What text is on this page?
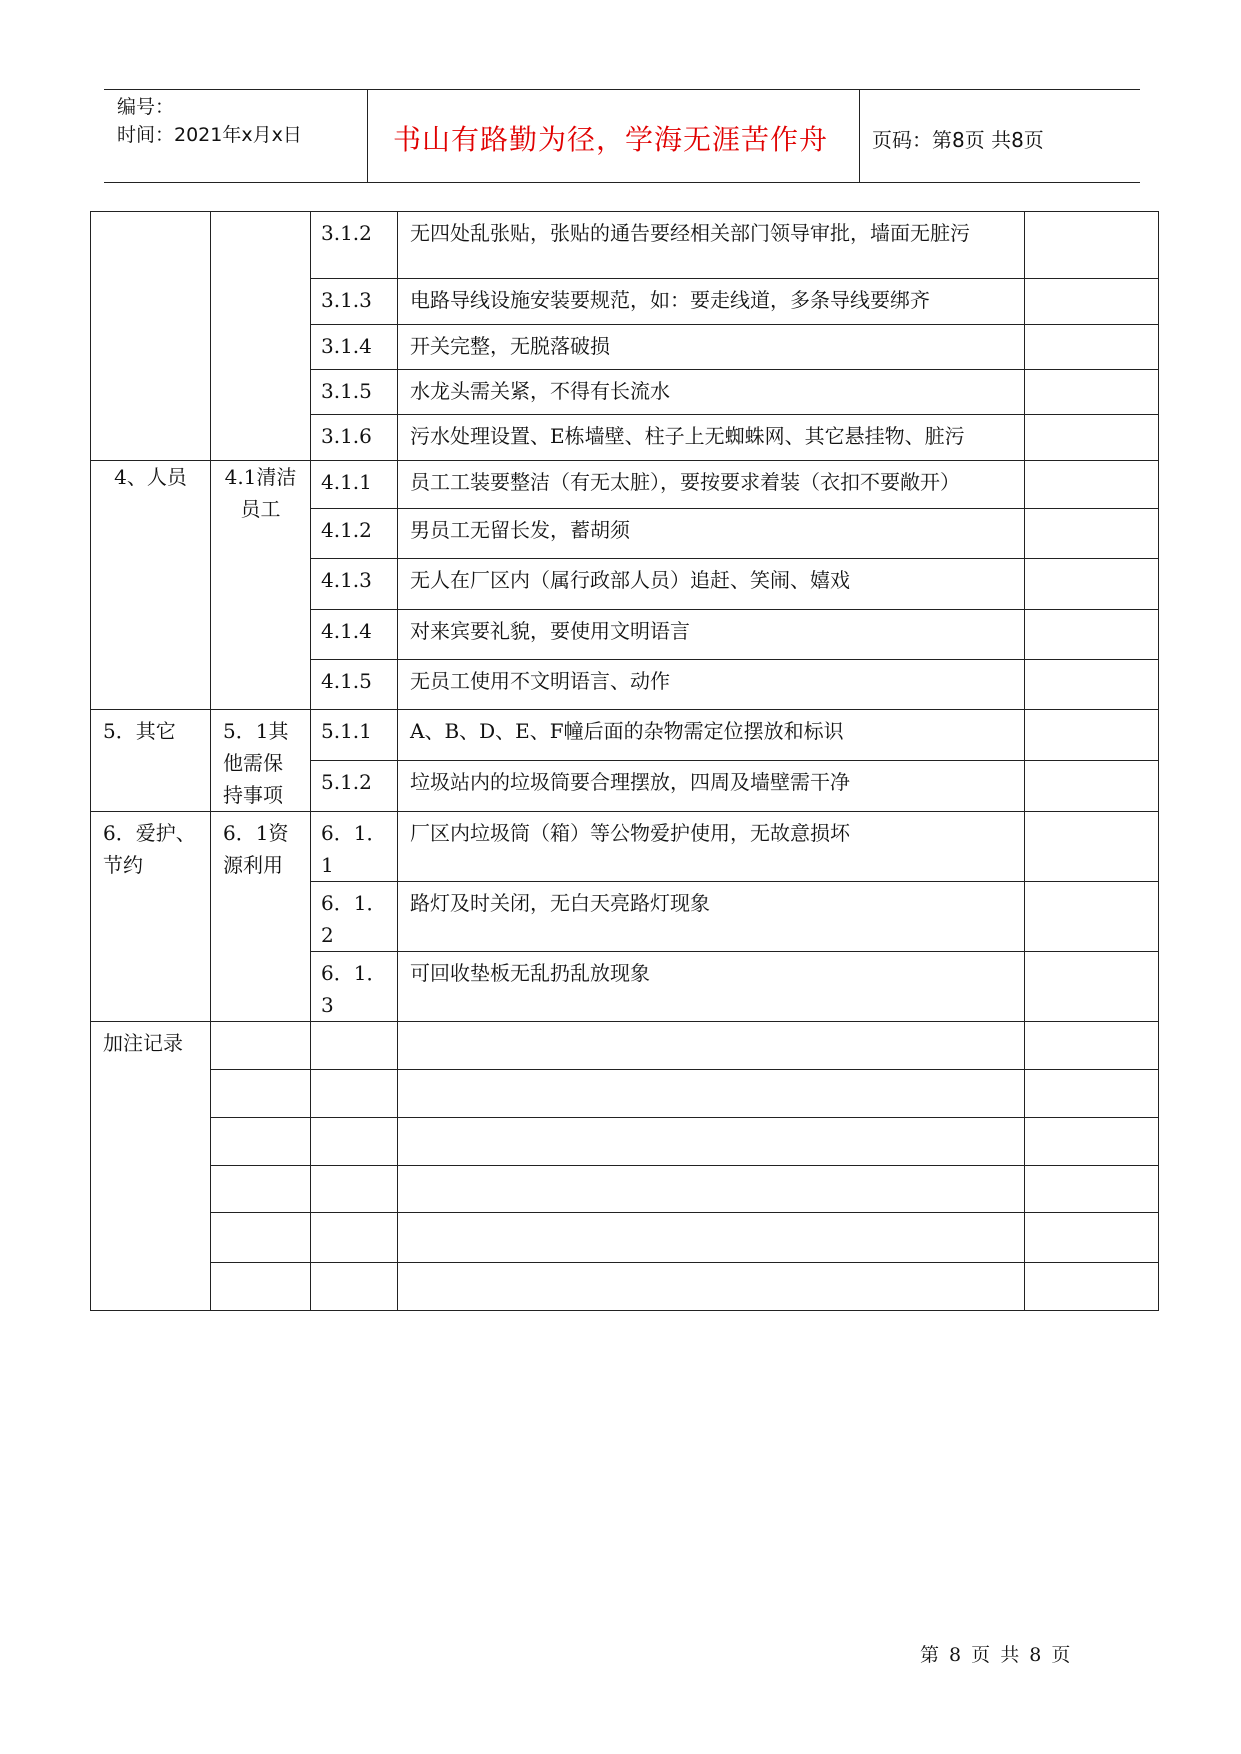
编号：
时间：2021年x月x日	书山有路勤为径，学海无涯苦作舟 页码：第8页 共8页

		3.1.2	无四处乱张贴，张贴的通告要经相关部门领导审批，墙面无脏污	

		3.1.3	电路导线设施安装要规范，如：要走线道，多条导线要绑齐	

		3.1.4	开关完整，无脱落破损	

		3.1.5	水龙头需关紧，不得有长流水	

		3.1.6	污水处理设置、E栋墙壁、柱子上无蜘蛛网、其它悬挂物、脏污	

4、人员	4.1清洁员工	4.1.1	员工工装要整洁（有无太脏），要按要求着装（衣扣不要敞开）	

		4.1.2	男员工无留长发，蓄胡须	

		4.1.3	无人在厂区内（属行政部人员）追赶、笑闹、嬉戏	

		4.1.4	对来宾要礼貌，要使用文明语言	

		4.1.5	无员工使用不文明语言、动作	

5．其它	5．1其他需保持事项	5.1.1	A、B、D、E、F幢后面的杂物需定位摆放和标识	

		5.1.2	垃圾站内的垃圾筒要合理摆放，四周及墙壁需干净	

6．爱护、节约	6．1资源利用	6．1．1	厂区内垃圾筒（箱）等公物爱护使用，无故意损坏	

		6．1．2	路灯及时关闭，无白天亮路灯现象	

		6．1．3	可回收垫板无乱扔乱放现象	

加注记录				

第 8 页 共 8 页
